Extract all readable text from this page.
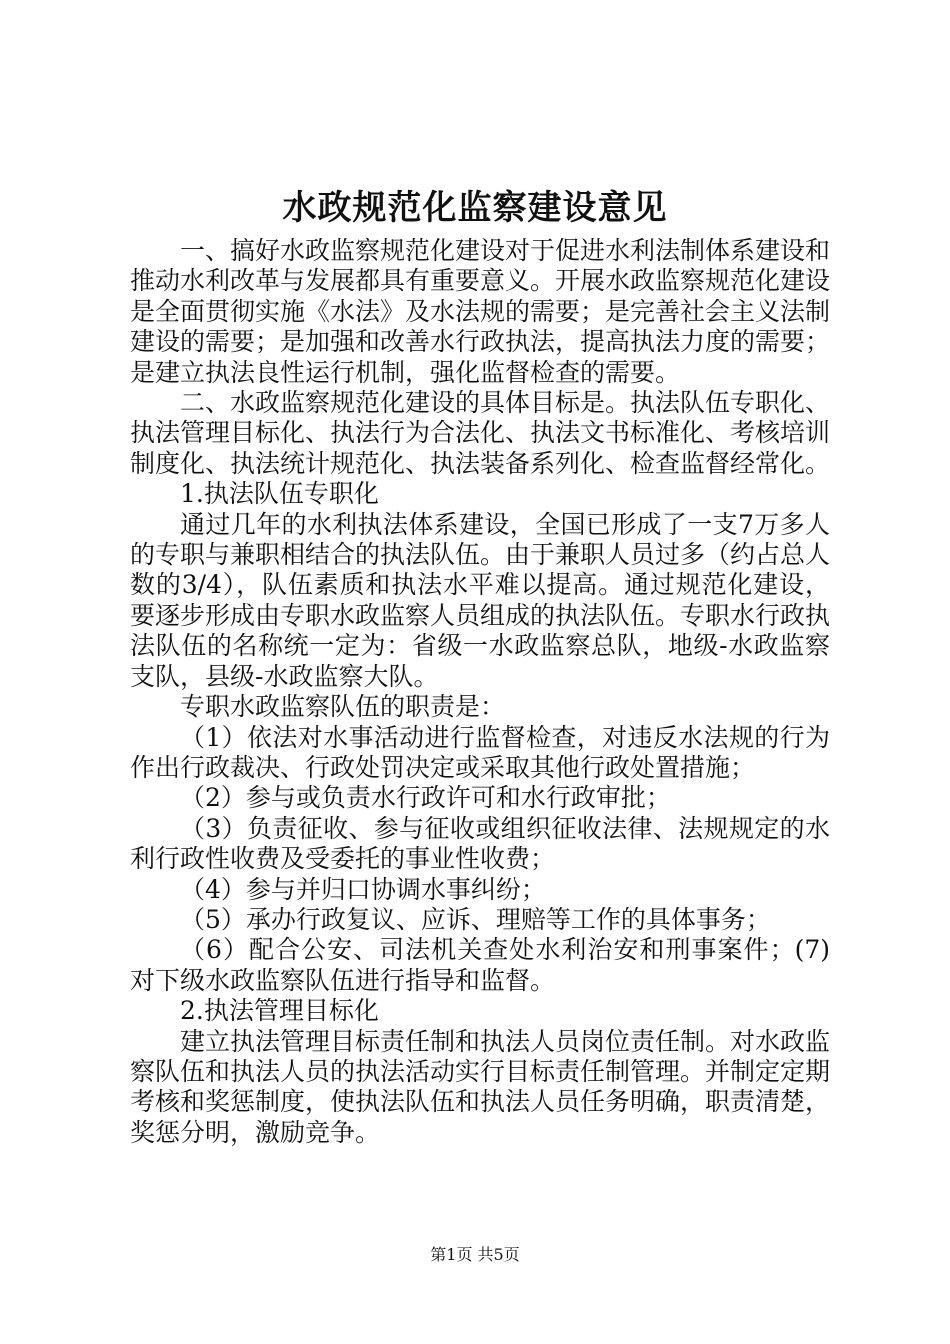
水政规范化监察建设意见

一、搞好水政监察规范化建设对于促进水利法制体系建设和推动水利改革与发展都具有重要意义。开展水政监察规范化建设是全面贯彻实施《水法》及水法规的需要；是完善社会主义法制建设的需要；是加强和改善水行政执法，提高执法力度的需要；是建立执法良性运行机制，强化监督检查的需要。

二、水政监察规范化建设的具体目标是。执法队伍专职化、执法管理目标化、执法行为合法化、执法文书标准化、考核培训制度化、执法统计规范化、执法装备系列化、检查监督经常化。

1.执法队伍专职化

通过几年的水利执法体系建设，全国已形成了一支7万多人的专职与兼职相结合的执法队伍。由于兼职人员过多（约占总人数的3/4），队伍素质和执法水平难以提高。通过规范化建设，要逐步形成由专职水政监察人员组成的执法队伍。专职水行政执法队伍的名称统一定为：省级一水政监察总队，地级-水政监察支队，县级-水政监察大队。

专职水政监察队伍的职责是：

（1）依法对水事活动进行监督检查，对违反水法规的行为作出行政裁决、行政处罚决定或采取其他行政处置措施；

（2）参与或负责水行政许可和水行政审批；

（3）负责征收、参与征收或组织征收法律、法规规定的水利行政性收费及受委托的事业性收费；

（4）参与并归口协调水事纠纷；

（5）承办行政复议、应诉、理赔等工作的具体事务；

（6）配合公安、司法机关查处水利治安和刑事案件；(7)对下级水政监察队伍进行指导和监督。

2.执法管理目标化

建立执法管理目标责任制和执法人员岗位责任制。对水政监察队伍和执法人员的执法活动实行目标责任制管理。并制定定期考核和奖惩制度，使执法队伍和执法人员任务明确，职责清楚，奖惩分明，激励竞争。

第1页 共5页
